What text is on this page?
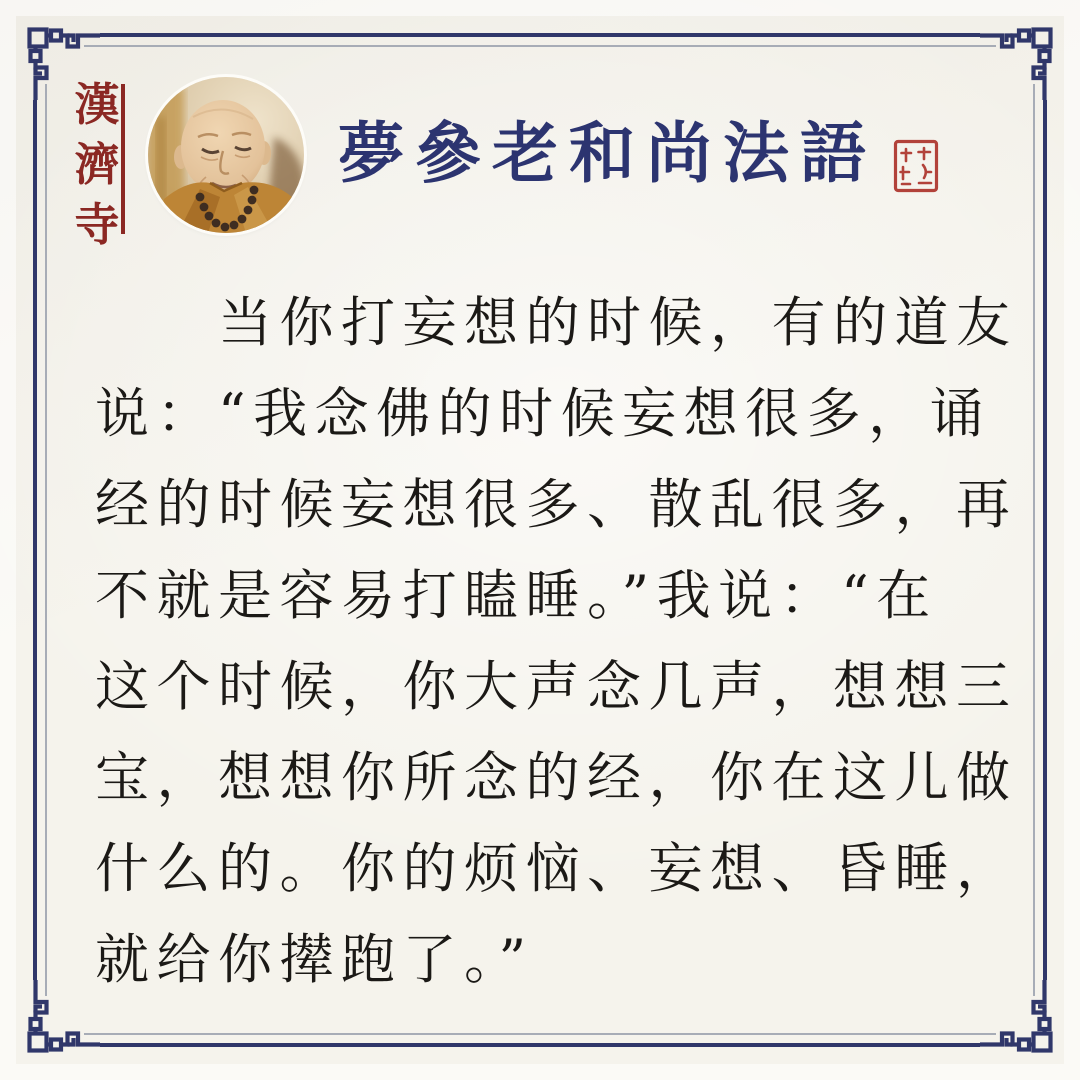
漢
濟
寺
夢參老和尚法語
当你打妄想的时候，有的道友
说：“我念佛的时候妄想很多，诵
经的时候妄想很多、散乱很多，再
不就是容易打瞌睡。”我说：“在
这个时候，你大声念几声，想想三
宝，想想你所念的经，你在这儿做
什么的。你的烦恼、妄想、昏睡，
就给你撵跑了。”
